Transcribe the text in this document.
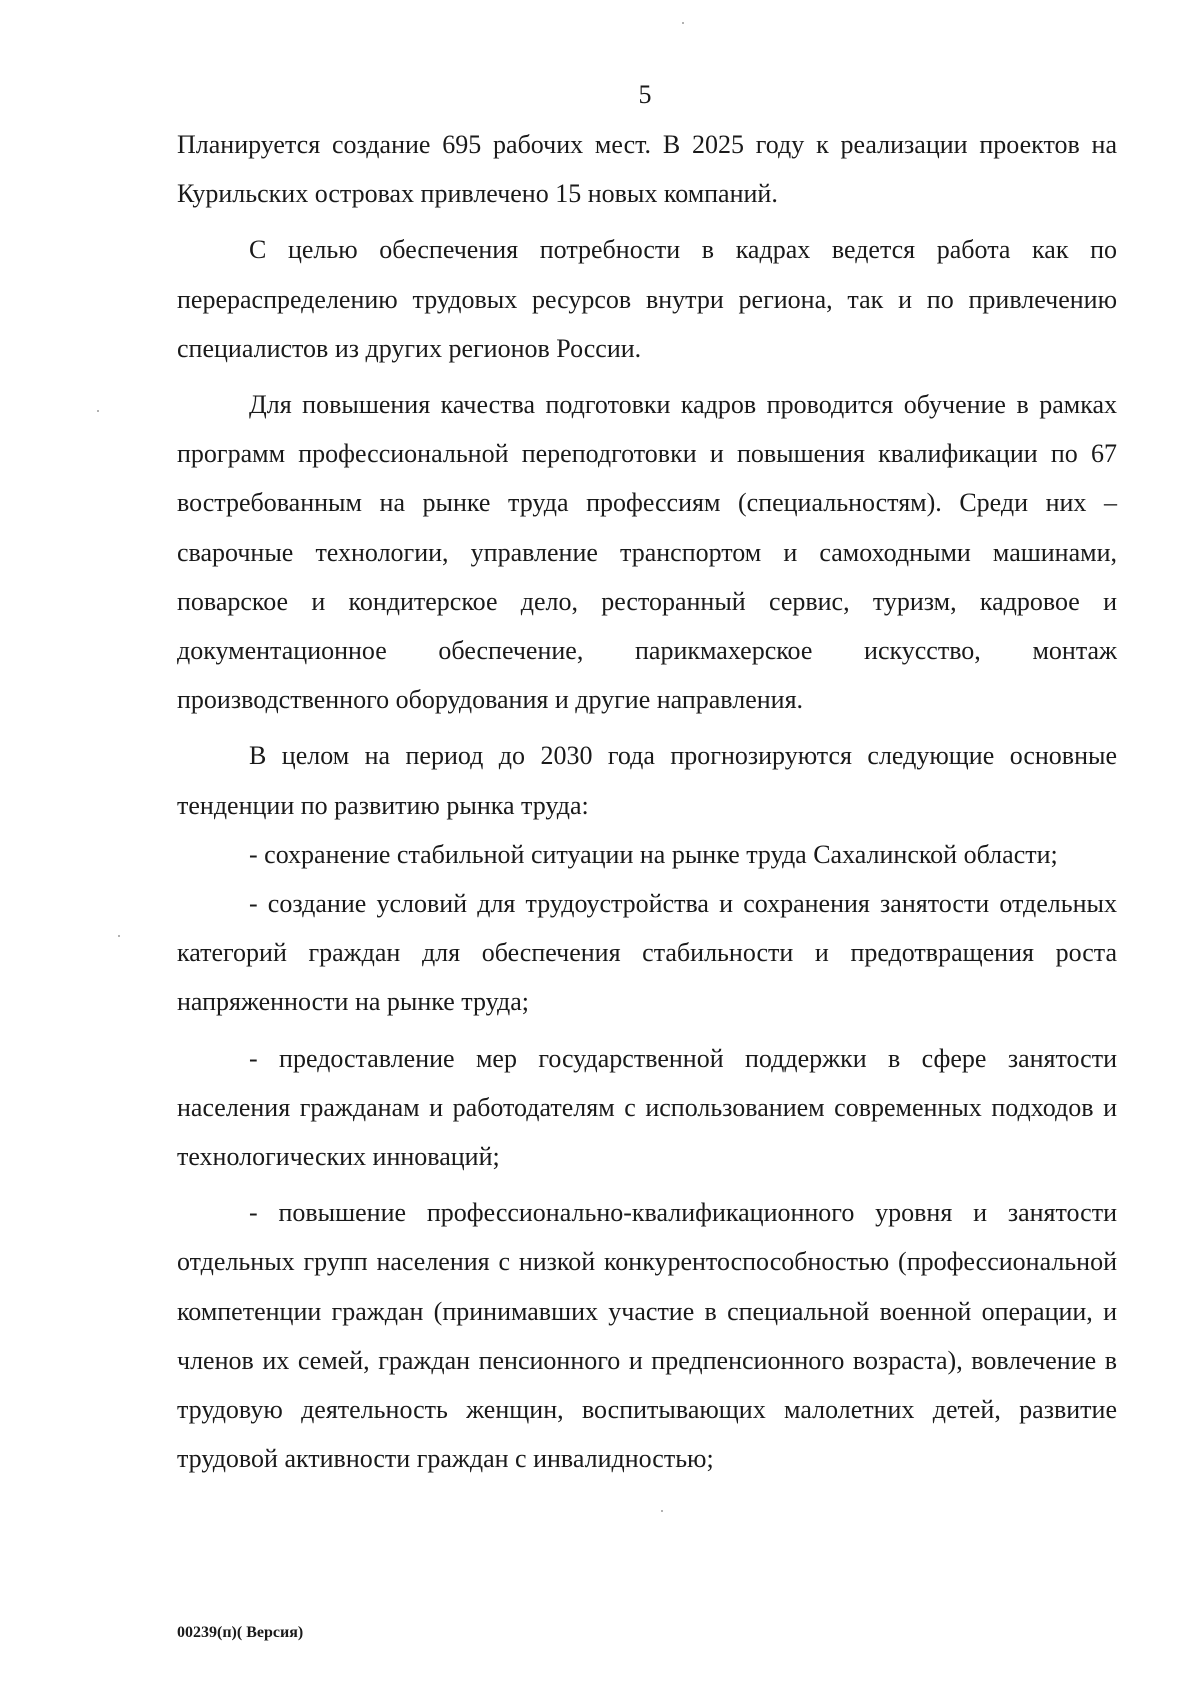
5

Планируется создание 695 рабочих мест. В 2025 году к реализации проектов на Курильских островах привлечено 15 новых компаний.

С целью обеспечения потребности в кадрах ведется работа как по перераспределению трудовых ресурсов внутри региона, так и по привлечению специалистов из других регионов России.

Для повышения качества подготовки кадров проводится обучение в рамках программ профессиональной переподготовки и повышения квалификации по 67 востребованным на рынке труда профессиям (специальностям). Среди них – сварочные технологии, управление транспортом и самоходными машинами, поварское и кондитерское дело, ресторанный сервис, туризм, кадровое и документационное обеспечение, парикмахерское искусство, монтаж производственного оборудования и другие направления.

В целом на период до 2030 года прогнозируются следующие основные тенденции по развитию рынка труда:

- сохранение стабильной ситуации на рынке труда Сахалинской области;

- создание условий для трудоустройства и сохранения занятости отдельных категорий граждан для обеспечения стабильности и предотвращения роста напряженности на рынке труда;

- предоставление мер государственной поддержки в сфере занятости населения гражданам и работодателям с использованием современных подходов и технологических инноваций;

- повышение профессионально-квалификационного уровня и занятости отдельных групп населения с низкой конкурентоспособностью (профессиональной компетенции граждан (принимавших участие в специальной военной операции, и членов их семей, граждан пенсионного и предпенсионного возраста), вовлечение в трудовую деятельность женщин, воспитывающих малолетних детей, развитие трудовой активности граждан с инвалидностью;

00239(п)( Версия)
